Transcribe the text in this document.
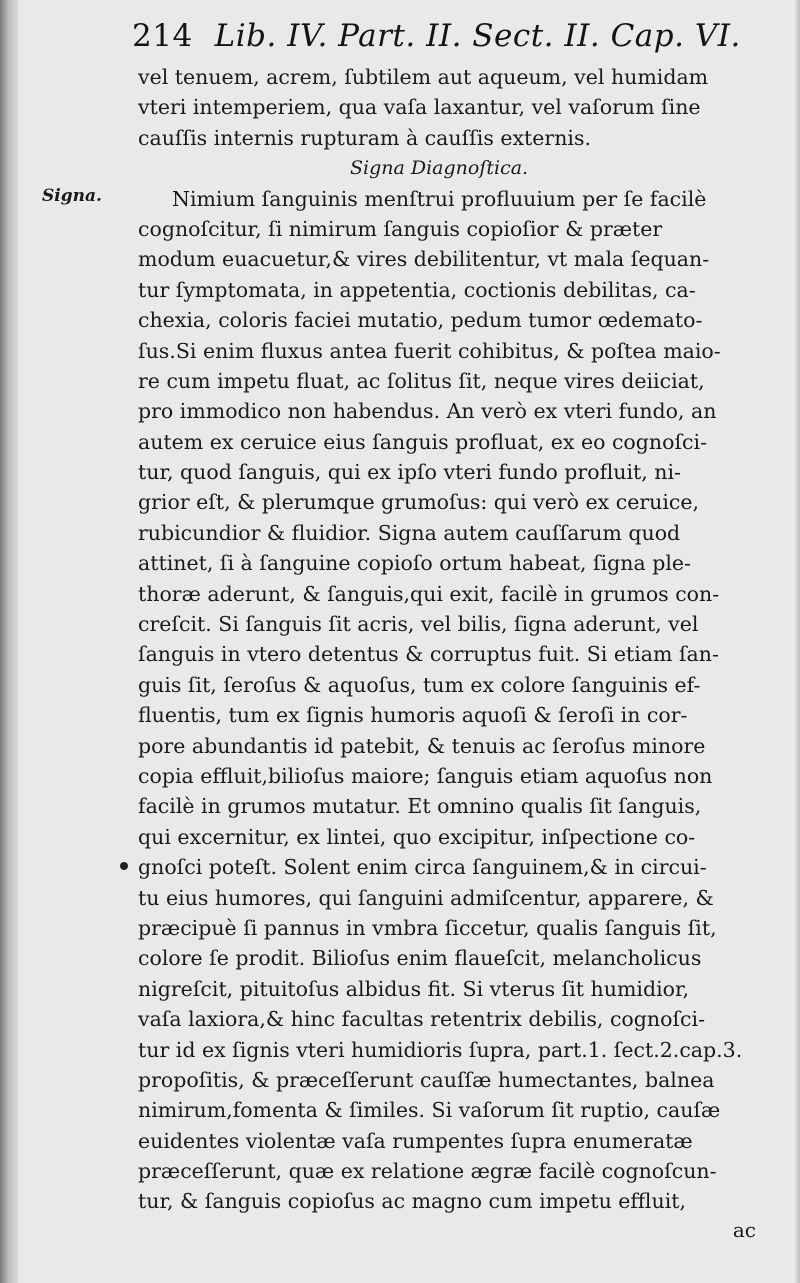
214 Lib. IV. Part. II. Sect. II. Cap. VI.
Signa.
vel tenuem, acrem, ſubtilem aut aqueum, vel humidam
vteri intemperiem, qua vaſa laxantur, vel vaſorum ſine
cauſſis internis rupturam à cauſſis externis.
Signa Diagnoſtica.
Nimium ſanguinis menſtrui profluuium per ſe facilè
cognoſcitur, ſi nimirum ſanguis copioſior & præter
modum euacuetur,& vires debilitentur, vt mala ſequan-
tur ſymptomata, in appetentia, coctionis debilitas, ca-
chexia, coloris faciei mutatio, pedum tumor œdemato-
ſus.Si enim fluxus antea fuerit cohibitus, & poſtea maio-
re cum impetu fluat, ac ſolitus ſit, neque vires deiiciat,
pro immodico non habendus. An verò ex vteri fundo, an
autem ex ceruice eius ſanguis profluat, ex eo cognoſci-
tur, quod ſanguis, qui ex ipſo vteri fundo profluit, ni-
grior eſt, & plerumque grumoſus: qui verò ex ceruice,
rubicundior & fluidior. Signa autem cauſſarum quod
attinet, ſi à ſanguine copioſo ortum habeat, ſigna ple-
thoræ aderunt, & ſanguis,qui exit, facilè in grumos con-
creſcit. Si ſanguis ſit acris, vel bilis, ſigna aderunt, vel
ſanguis in vtero detentus & corruptus fuit. Si etiam ſan-
guis ſit, ſeroſus & aquoſus, tum ex colore ſanguinis ef-
fluentis, tum ex ſignis humoris aquoſi & ſeroſi in cor-
pore abundantis id patebit, & tenuis ac ſeroſus minore
copia effluit,bilioſus maiore; ſanguis etiam aquoſus non
facilè in grumos mutatur. Et omnino qualis ſit ſanguis,
qui excernitur, ex lintei, quo excipitur, inſpectione co-
gnoſci poteſt. Solent enim circa ſanguinem,& in circui-
tu eius humores, qui ſanguini admiſcentur, apparere, &
præcipuè ſi pannus in vmbra ſiccetur, qualis ſanguis ſit,
colore ſe prodit. Bilioſus enim flaueſcit, melancholicus
nigreſcit, pituitoſus albidus fit. Si vterus ſit humidior,
vaſa laxiora,& hinc facultas retentrix debilis, cognoſci-
tur id ex ſignis vteri humidioris ſupra, part.1. ſect.2.cap.3.
propoſitis, & præceſſerunt cauſſæ humectantes, balnea
nimirum,fomenta & ſimiles. Si vaſorum ſit ruptio, cauſæ
euidentes violentæ vaſa rumpentes ſupra enumeratæ
præceſſerunt, quæ ex relatione ægræ facilè cognoſcun-
tur, & ſanguis copioſus ac magno cum impetu effluit,
ac
